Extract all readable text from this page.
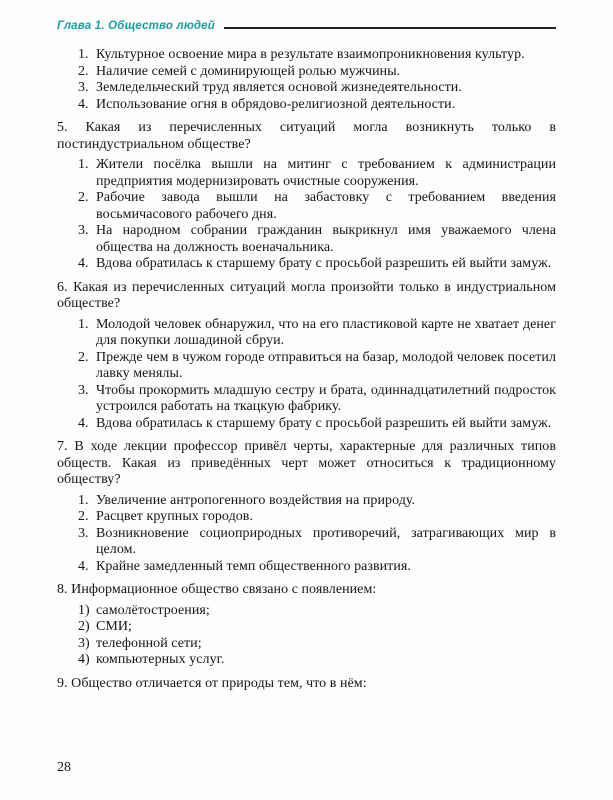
Глава 1. Общество людей
1. Культурное освоение мира в результате взаимопроникновения культур.
2. Наличие семей с доминирующей ролью мужчины.
3. Земледельческий труд является основой жизнедеятельности.
4. Использование огня в обрядово-религиозной деятельности.

5. Какая из перечисленных ситуаций могла возникнуть только в постиндустриальном обществе?

1. Жители посёлка вышли на митинг с требованием к администрации предприятия модернизировать очистные сооружения.
2. Рабочие завода вышли на забастовку с требованием введения восьмичасового рабочего дня.
3. На народном собрании гражданин выкрикнул имя уважаемого члена общества на должность военачальника.
4. Вдова обратилась к старшему брату с просьбой разрешить ей выйти замуж.

6. Какая из перечисленных ситуаций могла произойти только в индустриальном обществе?

1. Молодой человек обнаружил, что на его пластиковой карте не хватает денег для покупки лошадиной сбруи.
2. Прежде чем в чужом городе отправиться на базар, молодой человек посетил лавку менялы.
3. Чтобы прокормить младшую сестру и брата, одиннадцатилетний подросток устроился работать на ткацкую фабрику.
4. Вдова обратилась к старшему брату с просьбой разрешить ей выйти замуж.

7. В ходе лекции профессор привёл черты, характерные для различных типов обществ. Какая из приведённых черт может относиться к традиционному обществу?

1. Увеличение антропогенного воздействия на природу.
2. Расцвет крупных городов.
3. Возникновение социоприродных противоречий, затрагивающих мир в целом.
4. Крайне замедленный темп общественного развития.

8. Информационное общество связано с появлением:

1) самолётостроения;
2) СМИ;
3) телефонной сети;
4) компьютерных услуг.

9. Общество отличается от природы тем, что в нём:

28
